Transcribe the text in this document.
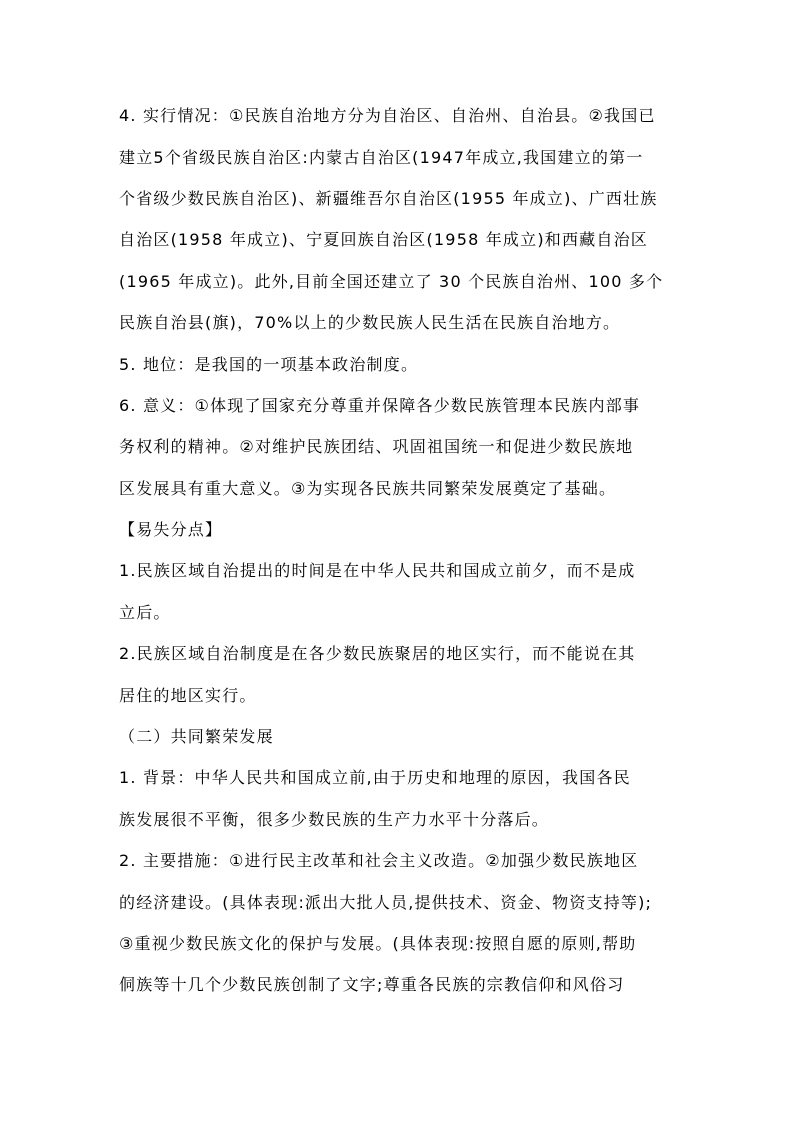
4. 实行情况：①民族自治地方分为自治区、自治州、自治县。②我国已
建立5个省级民族自治区:内蒙古自治区(1947年成立,我国建立的第一
个省级少数民族自治区)、新疆维吾尔自治区(1955 年成立)、广西壮族
自治区(1958 年成立)、宁夏回族自治区(1958 年成立)和西藏自治区
(1965 年成立)。此外,目前全国还建立了 30 个民族自治州、100 多个
民族自治县(旗)，70%以上的少数民族人民生活在民族自治地方。
5. 地位：是我国的一项基本政治制度。
6. 意义：①体现了国家充分尊重并保障各少数民族管理本民族内部事
务权利的精神。②对维护民族团结、巩固祖国统一和促进少数民族地
区发展具有重大意义。③为实现各民族共同繁荣发展奠定了基础。
【易失分点】
1.民族区域自治提出的时间是在中华人民共和国成立前夕，而不是成
立后。
2.民族区域自治制度是在各少数民族聚居的地区实行，而不能说在其
居住的地区实行。
（二）共同繁荣发展
1. 背景：中华人民共和国成立前,由于历史和地理的原因，我国各民
族发展很不平衡，很多少数民族的生产力水平十分落后。
2. 主要措施：①进行民主改革和社会主义改造。②加强少数民族地区
的经济建设。(具体表现:派出大批人员,提供技术、资金、物资支持等);
③重视少数民族文化的保护与发展。(具体表现:按照自愿的原则,帮助
侗族等十几个少数民族创制了文字;尊重各民族的宗教信仰和风俗习
